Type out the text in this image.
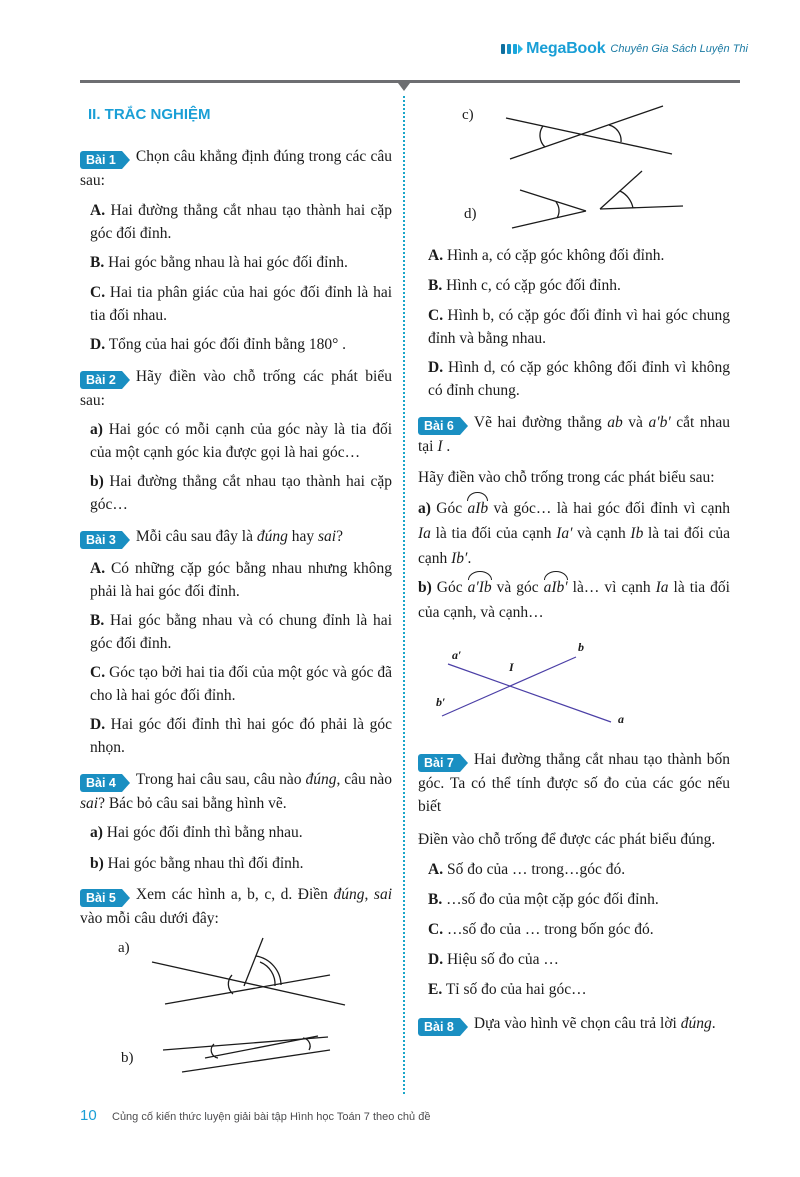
MegaBook Chuyên Gia Sách Luyện Thi
II. TRẮC NGHIỆM

Bài 1	Chọn câu khẳng định đúng trong các câu sau:

A. Hai đường thẳng cắt nhau tạo thành hai cặp góc đối đỉnh.

B. Hai góc bằng nhau là hai góc đối đỉnh.

C. Hai tia phân giác của hai góc đối đỉnh là hai tia đối nhau.

D. Tổng của hai góc đối đỉnh bằng 180° .

Bài 2	Hãy điền vào chỗ trống các phát biểu sau:

a) Hai góc có mỗi cạnh của góc này là tia đối của một cạnh góc kia được gọi là hai góc…

b) Hai đường thẳng cắt nhau tạo thành hai cặp góc…

Bài 3	Mỗi câu sau đây là đúng hay sai?

A. Có những cặp góc bằng nhau nhưng không phải là hai góc đối đỉnh.

B. Hai góc bằng nhau và có chung đỉnh là hai góc đối đỉnh.

C. Góc tạo bởi hai tia đối của một góc và góc đã cho là hai góc đối đỉnh.

D. Hai góc đối đỉnh thì hai góc đó phải là góc nhọn.

Bài 4	Trong hai câu sau, câu nào đúng, câu nào sai? Bác bỏ câu sai bằng hình vẽ.

a) Hai góc đối đỉnh thì bằng nhau.

b) Hai góc bằng nhau thì đối đỉnh.

Bài 5	Xem các hình a, b, c, d. Điền đúng, sai vào mỗi câu dưới đây:

a)
b)
c)
d)

A. Hình a, có cặp góc không đối đỉnh.

B. Hình c, có cặp góc đối đỉnh.

C. Hình b, có cặp góc đối đỉnh vì hai góc chung đỉnh và bằng nhau.

D. Hình d, có cặp góc không đối đỉnh vì không có đỉnh chung.

Bài 6	Vẽ hai đường thẳng ab và a′b′ cắt nhau tại I .

Hãy điền vào chỗ trống trong các phát biểu sau:

a) Góc aIb và góc… là hai góc đối đỉnh vì cạnh Ia là tia đối của cạnh Ia′ và cạnh Ib là tai đối của cạnh Ib′.

b) Góc a′Ib và góc aIb′ là… vì cạnh Ia là tia đối của cạnh, và cạnh…

a′
b
I
b′
a

Bài 7	Hai đường thẳng cắt nhau tạo thành bốn góc. Ta có thể tính được số đo của các góc nếu biết

Điền vào chỗ trống để được các phát biểu đúng.

A. Số đo của … trong…góc đó.

B. …số đo của một cặp góc đối đỉnh.

C. …số đo của … trong bốn góc đó.

D. Hiệu số đo của …

E. Tỉ số đo của hai góc…

Bài 8	Dựa vào hình vẽ chọn câu trả lời đúng.

10 Củng cố kiến thức luyện giải bài tập Hình học Toán 7 theo chủ đề
